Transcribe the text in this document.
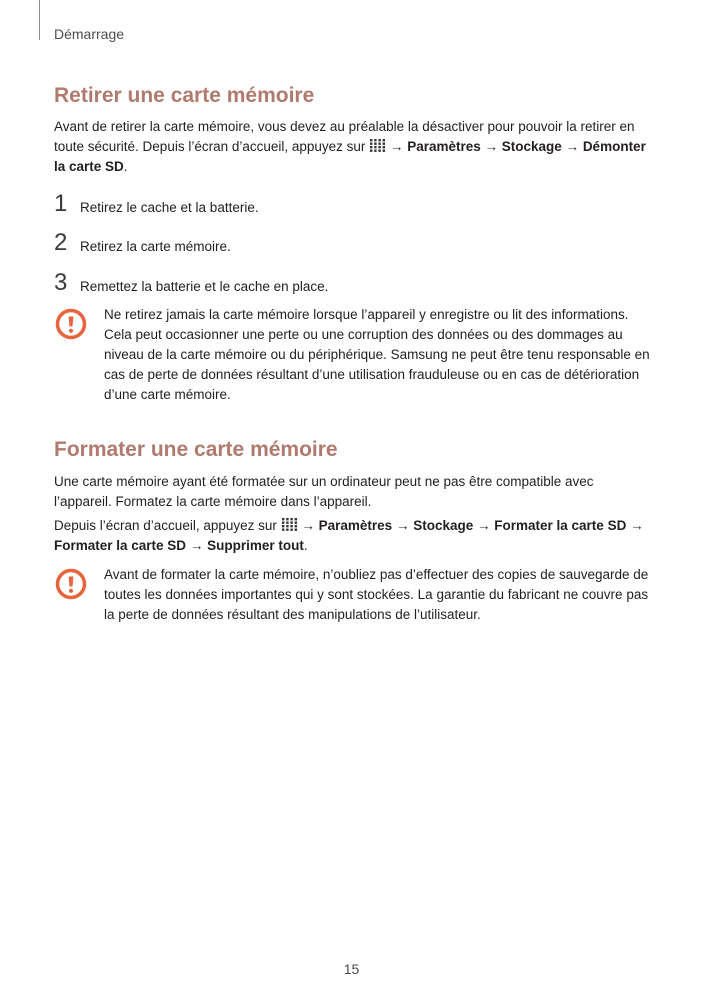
Démarrage
Retirer une carte mémoire

Avant de retirer la carte mémoire, vous devez au préalable la désactiver pour pouvoir la retirer en toute sécurité. Depuis l’écran d’accueil, appuyez sur  → Paramètres → Stockage → Démonter la carte SD.

1 Retirez le cache et la batterie.
2 Retirez la carte mémoire.
3 Remettez la batterie et le cache en place.

Ne retirez jamais la carte mémoire lorsque l’appareil y enregistre ou lit des informations. Cela peut occasionner une perte ou une corruption des données ou des dommages au niveau de la carte mémoire ou du périphérique. Samsung ne peut être tenu responsable en cas de perte de données résultant d’une utilisation frauduleuse ou en cas de détérioration d’une carte mémoire.

Formater une carte mémoire

Une carte mémoire ayant été formatée sur un ordinateur peut ne pas être compatible avec l’appareil. Formatez la carte mémoire dans l’appareil.

Depuis l’écran d’accueil, appuyez sur  → Paramètres → Stockage → Formater la carte SD → Formater la carte SD → Supprimer tout.

Avant de formater la carte mémoire, n’oubliez pas d’effectuer des copies de sauvegarde de toutes les données importantes qui y sont stockées. La garantie du fabricant ne couvre pas la perte de données résultant des manipulations de l’utilisateur.

15
